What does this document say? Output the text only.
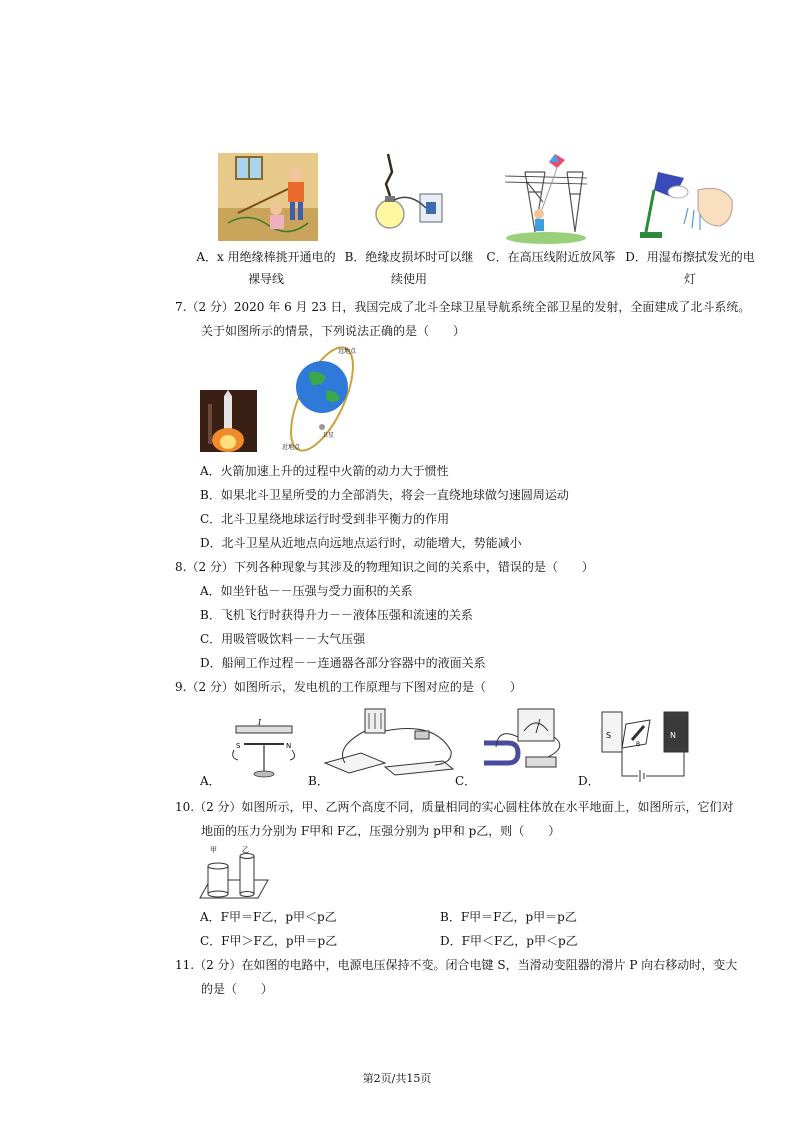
A．x 用绝缘棒挑开通电的
裸导线
B．绝缘皮损坏时可以继
续使用
C．在高压线附近放风筝 D．用湿布擦拭发光的电
灯
7.（2 分）2020 年 6 月 23 日，我国完成了北斗全球卫星导航系统全部卫星的发射，全面建成了北斗系统。
关于如图所示的情景，下列说法正确的是（　　）
远地点
近地点
卫星
A．火箭加速上升的过程中火箭的动力大于惯性
B．如果北斗卫星所受的力全部消失，将会一直绕地球做匀速圆周运动
C．北斗卫星绕地球运行时受到非平衡力的作用
D．北斗卫星从近地点向远地点运行时，动能增大，势能减小
8.（2 分）下列各种现象与其涉及的物理知识之间的关系中，错误的是（　　）
A．如坐针毡－－压强与受力面积的关系
B．飞机飞行时获得升力－－液体压强和流速的关系
C．用吸管吸饮料－－大气压强
D．船闸工作过程－－连通器各部分容器中的液面关系
9.（2 分）如图所示，发电机的工作原理与下图对应的是（　　）
I
S	N
S	N
B
A．	B．	C．	D．
10.（2 分）如图所示，甲、乙两个高度不同，质量相同的实心圆柱体放在水平地面上，如图所示，它们对
地面的压力分别为 F甲和 F乙，压强分别为 p甲和 p乙，则（　　）
甲	乙
A．F甲＝F乙，p甲＜p乙	B．F甲＝F乙，p甲＝p乙
C．F甲＞F乙，p甲＝p乙	D．F甲＜F乙，p甲＜p乙
11.（2 分）在如图的电路中，电源电压保持不变。闭合电键 S，当滑动变阻器的滑片 P 向右移动时，变大
的是（　　）
第2页/共15页
